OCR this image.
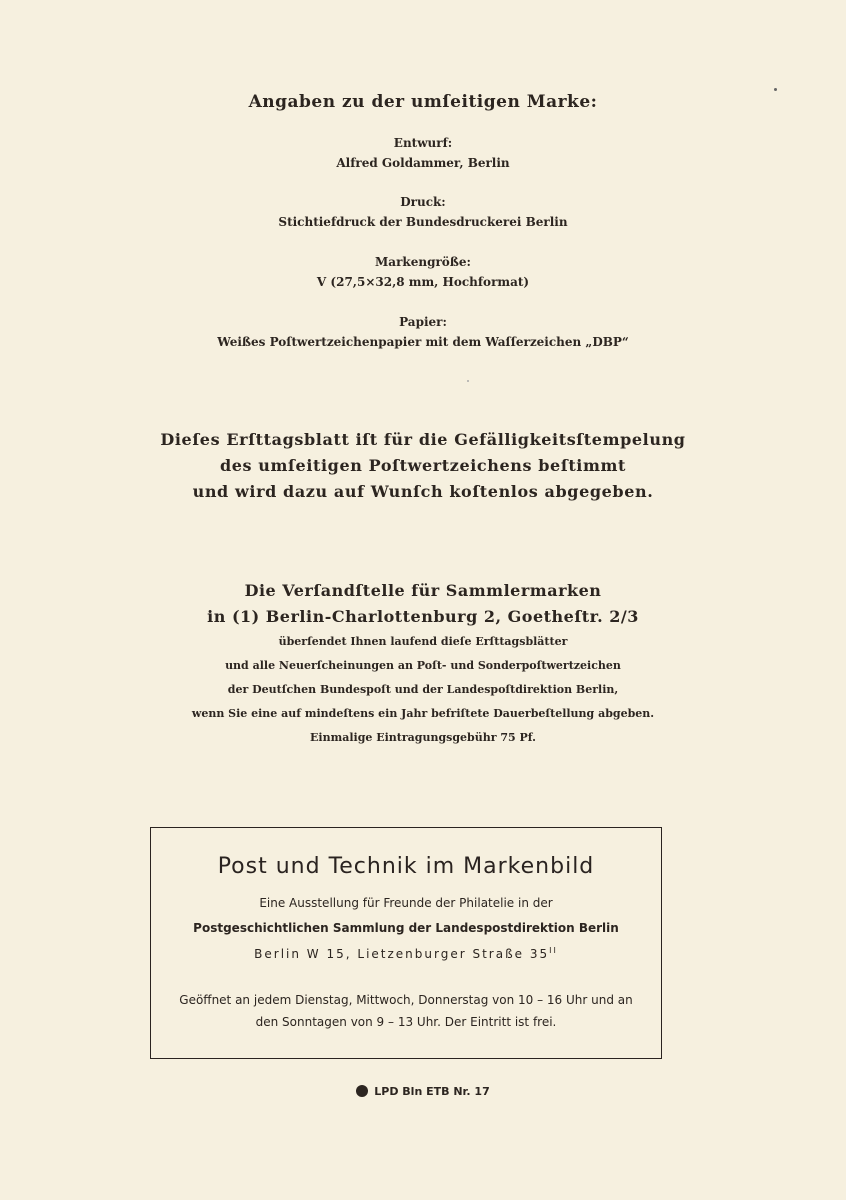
Angaben zu der umſeitigen Marke:
Entwurf:
Alfred Goldammer, Berlin
Druck:
Stichtiefdruck der Bundesdruckerei Berlin
Markengröße:
V (27,5×32,8 mm, Hochformat)
Papier:
Weißes Poſtwertzeichenpapier mit dem Waſſerzeichen „DBP“
Dieſes Erſttagsblatt iſt für die Gefälligkeitsſtempelung
des umſeitigen Poſtwertzeichens beſtimmt
und wird dazu auf Wunſch koſtenlos abgegeben.
Die Verſandſtelle für Sammlermarken
in (1) Berlin-Charlottenburg 2, Goetheſtr. 2/3
überſendet Ihnen laufend dieſe Erſttagsblätter
und alle Neuerſcheinungen an Poſt- und Sonderpoſtwertzeichen
der Deutſchen Bundespoſt und der Landespoſtdirektion Berlin,
wenn Sie eine auf mindeſtens ein Jahr befriſtete Dauerbeſtellung abgeben.
Einmalige Eintragungsgebühr 75 Pf.
Post und Technik im Markenbild
Eine Ausstellung für Freunde der Philatelie in der
Postgeschichtlichen Sammlung der Landespostdirektion Berlin
Berlin W 15, Lietzenburger Straße $35^{II}$
Geöffnet an jedem Dienstag, Mittwoch, Donnerstag von 10 – 16 Uhr und an
den Sonntagen von 9 – 13 Uhr. Der Eintritt ist frei.
LPD Bln ETB Nr. 17
